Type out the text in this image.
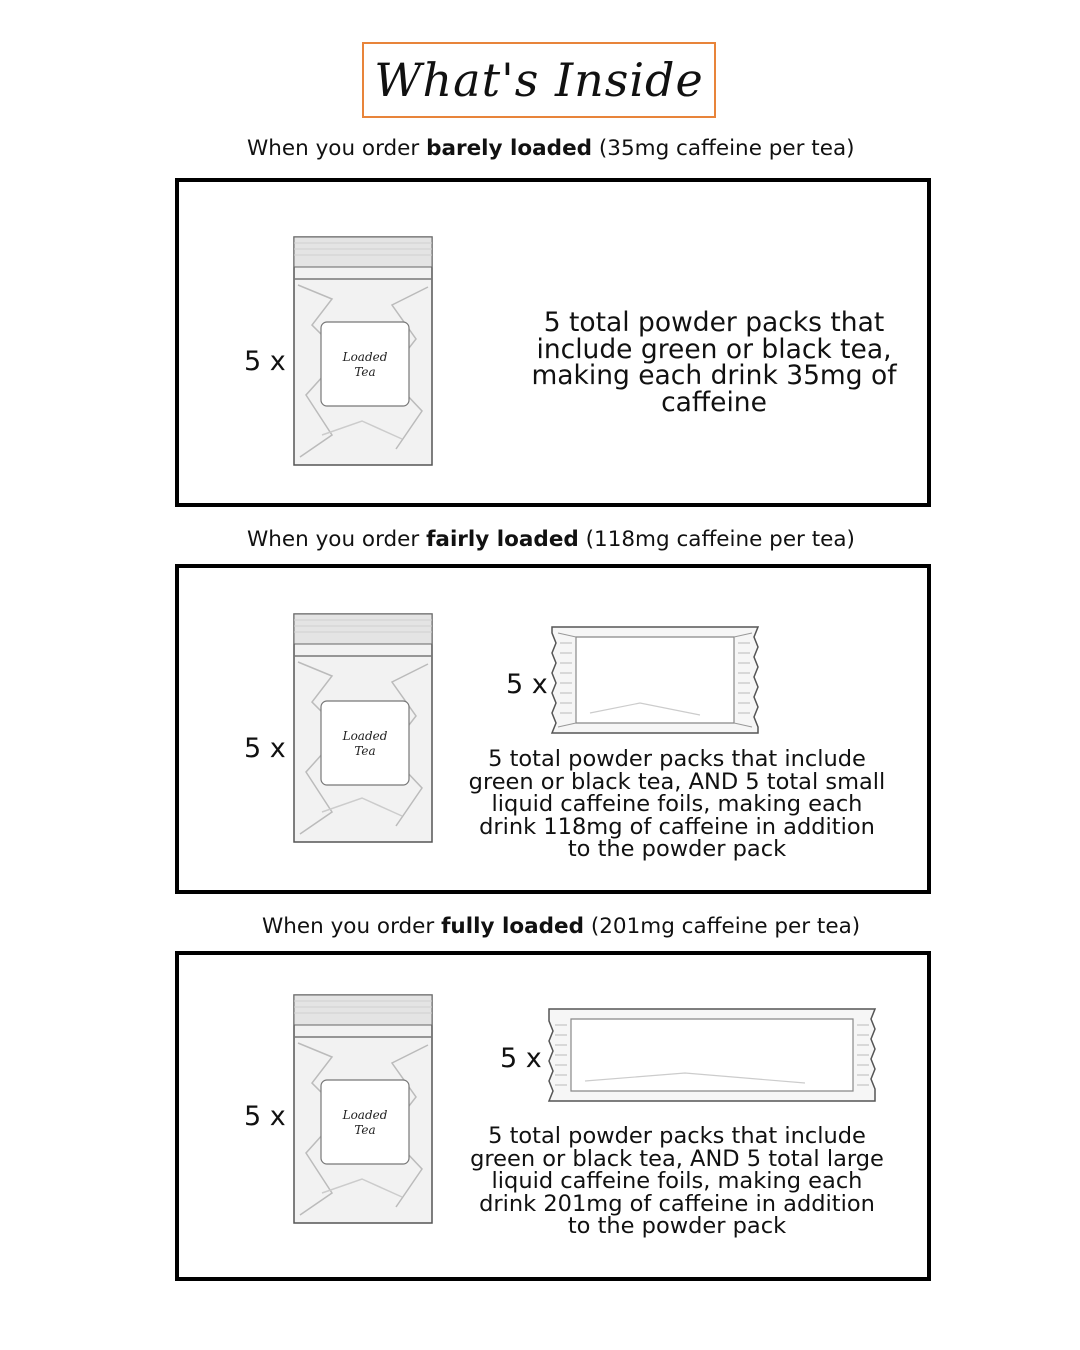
What's Inside
When you order barely loaded (35mg caffeine per tea)
5 x	Loaded
Tea
5 total powder packs that include green or black tea, making each drink 35mg of caffeine
When you order fairly loaded (118mg caffeine per tea)
5 x	Loaded
Tea
5 x
5 total powder packs that include green or black tea, AND 5 total small liquid caffeine foils, making each drink 118mg of caffeine in addition to the powder pack
When you order fully loaded (201mg caffeine per tea)
5 x	Loaded
Tea
5 x
5 total powder packs that include green or black tea, AND 5 total large liquid caffeine foils, making each drink 201mg of caffeine in addition to the powder pack
